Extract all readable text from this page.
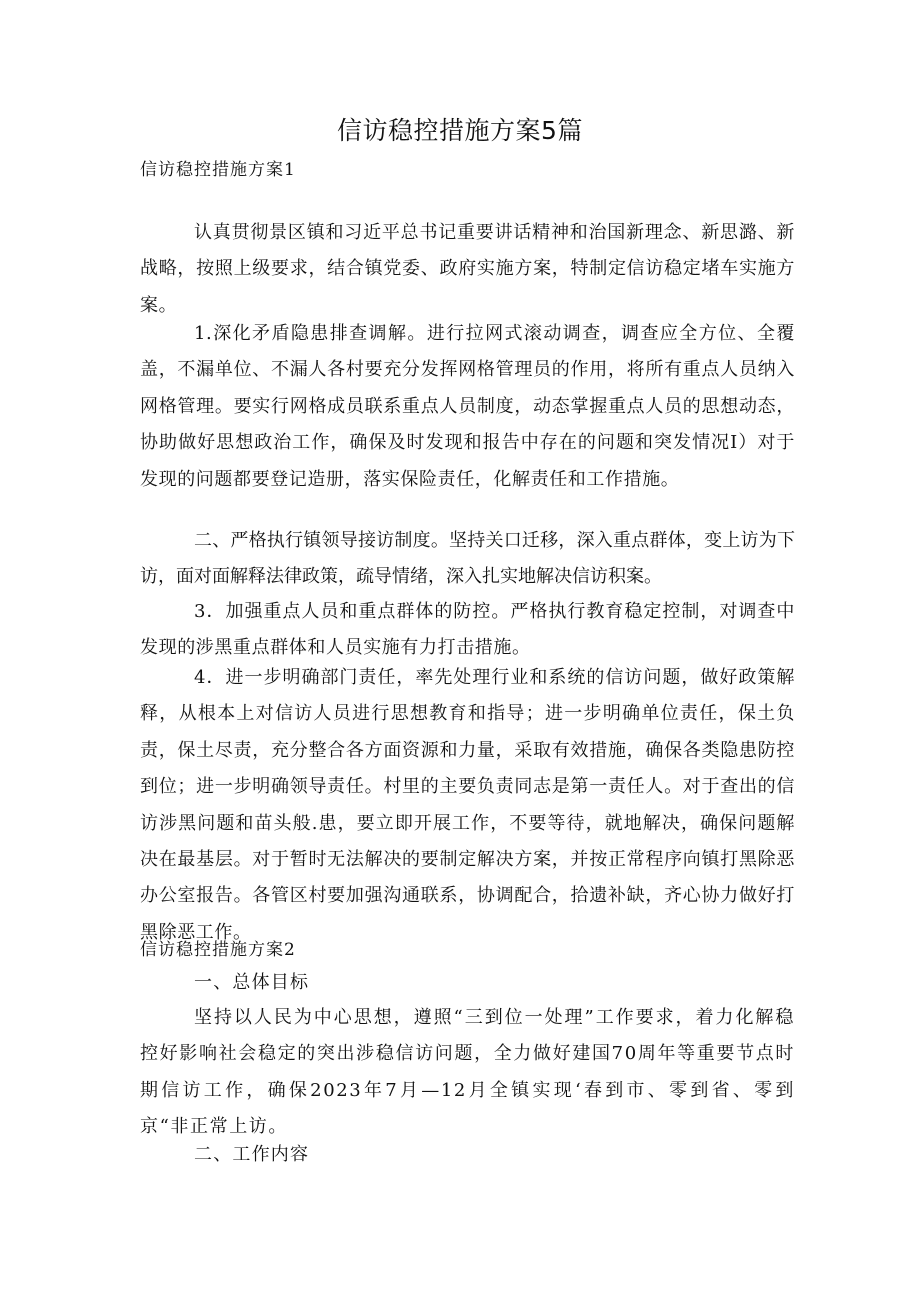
信访稳控措施方案5篇
信访稳控措施方案1
认真贯彻景区镇和习近平总书记重要讲话精神和治国新理念、新思潞、新战略，按照上级要求，结合镇党委、政府实施方案，特制定信访稳定堵车实施方案。
1.深化矛盾隐患排查调解。进行拉网式滚动调查，调查应全方位、全覆盖，不漏单位、不漏人各村要充分发挥网格管理员的作用，将所有重点人员纳入网格管理。要实行网格成员联系重点人员制度，动态掌握重点人员的思想动态，协助做好思想政治工作，确保及时发现和报告中存在的问题和突发情况I）对于发现的问题都要登记造册，落实保险责任，化解责任和工作措施。
二、严格执行镇领导接访制度。坚持关口迁移，深入重点群体，变上访为下访，面对面解释法律政策，疏导情绪，深入扎实地解决信访积案。
3．加强重点人员和重点群体的防控。严格执行教育稳定控制，对调查中发现的涉黑重点群体和人员实施有力打击措施。
4．进一步明确部门责任，率先处理行业和系统的信访问题，做好政策解释，从根本上对信访人员进行思想教育和指导；进一步明确单位责任，保土负责，保土尽责，充分整合各方面资源和力量，采取有效措施，确保各类隐患防控到位；进一步明确领导责任。村里的主要负责同志是第一责任人。对于查出的信访涉黑问题和苗头般.患，要立即开展工作，不要等待，就地解决，确保问题解决在最基层。对于暂时无法解决的要制定解决方案，并按正常程序向镇打黑除恶办公室报告。各管区村要加强沟通联系，协调配合，拾遗补缺，齐心协力做好打黑除恶工作。
信访稳控措施方案2
一、总体目标
坚持以人民为中心思想，遵照“三到位一处理”工作要求，着力化解稳控好影响社会稳定的突出涉稳信访问题，全力做好建国70周年等重要节点时期信访工作，确保2023年7月—12月全镇实现‘春到市、零到省、零到京“非正常上访。
二、工作内容
